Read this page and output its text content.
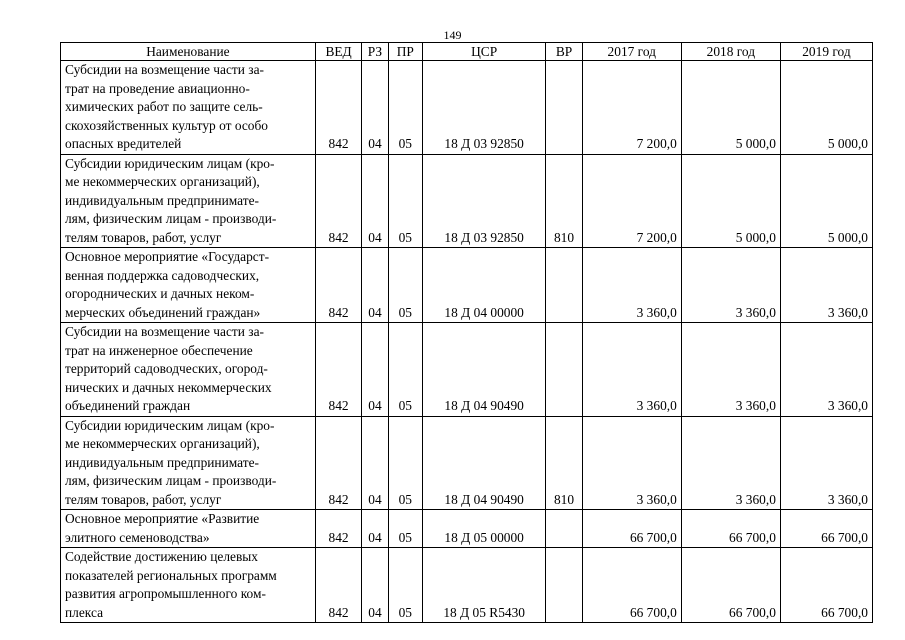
149
Наименование	ВЕД	РЗ	ПР	ЦСР	ВР	2017 год	2018 год	2019 год

Субсидии на возмещение части за-
трат на проведение авиационно-
химических работ по защите сель-
скохозяйственных культур от особо
опасных вредителей	842	04	05	18 Д 03 92850		7 200,0	5 000,0	5 000,0

Субсидии юридическим лицам (кро-
ме некоммерческих организаций),
индивидуальным предпринимате-
лям, физическим лицам - производи-
телям товаров, работ, услуг	842	04	05	18 Д 03 92850	810	7 200,0	5 000,0	5 000,0

Основное мероприятие «Государст-
венная поддержка садоводческих,
огороднических и дачных неком-
мерческих объединений граждан»	842	04	05	18 Д 04 00000		3 360,0	3 360,0	3 360,0

Субсидии на возмещение части за-
трат на инженерное обеспечение
территорий садоводческих, огород-
нических и дачных некоммерческих
объединений граждан	842	04	05	18 Д 04 90490		3 360,0	3 360,0	3 360,0

Субсидии юридическим лицам (кро-
ме некоммерческих организаций),
индивидуальным предпринимате-
лям, физическим лицам - производи-
телям товаров, работ, услуг	842	04	05	18 Д 04 90490	810	3 360,0	3 360,0	3 360,0

Основное мероприятие «Развитие
элитного семеноводства»	842	04	05	18 Д 05 00000		66 700,0	66 700,0	66 700,0

Содействие достижению целевых
показателей региональных программ
развития агропромышленного ком-
плекса	842	04	05	18 Д 05 R5430		66 700,0	66 700,0	66 700,0
